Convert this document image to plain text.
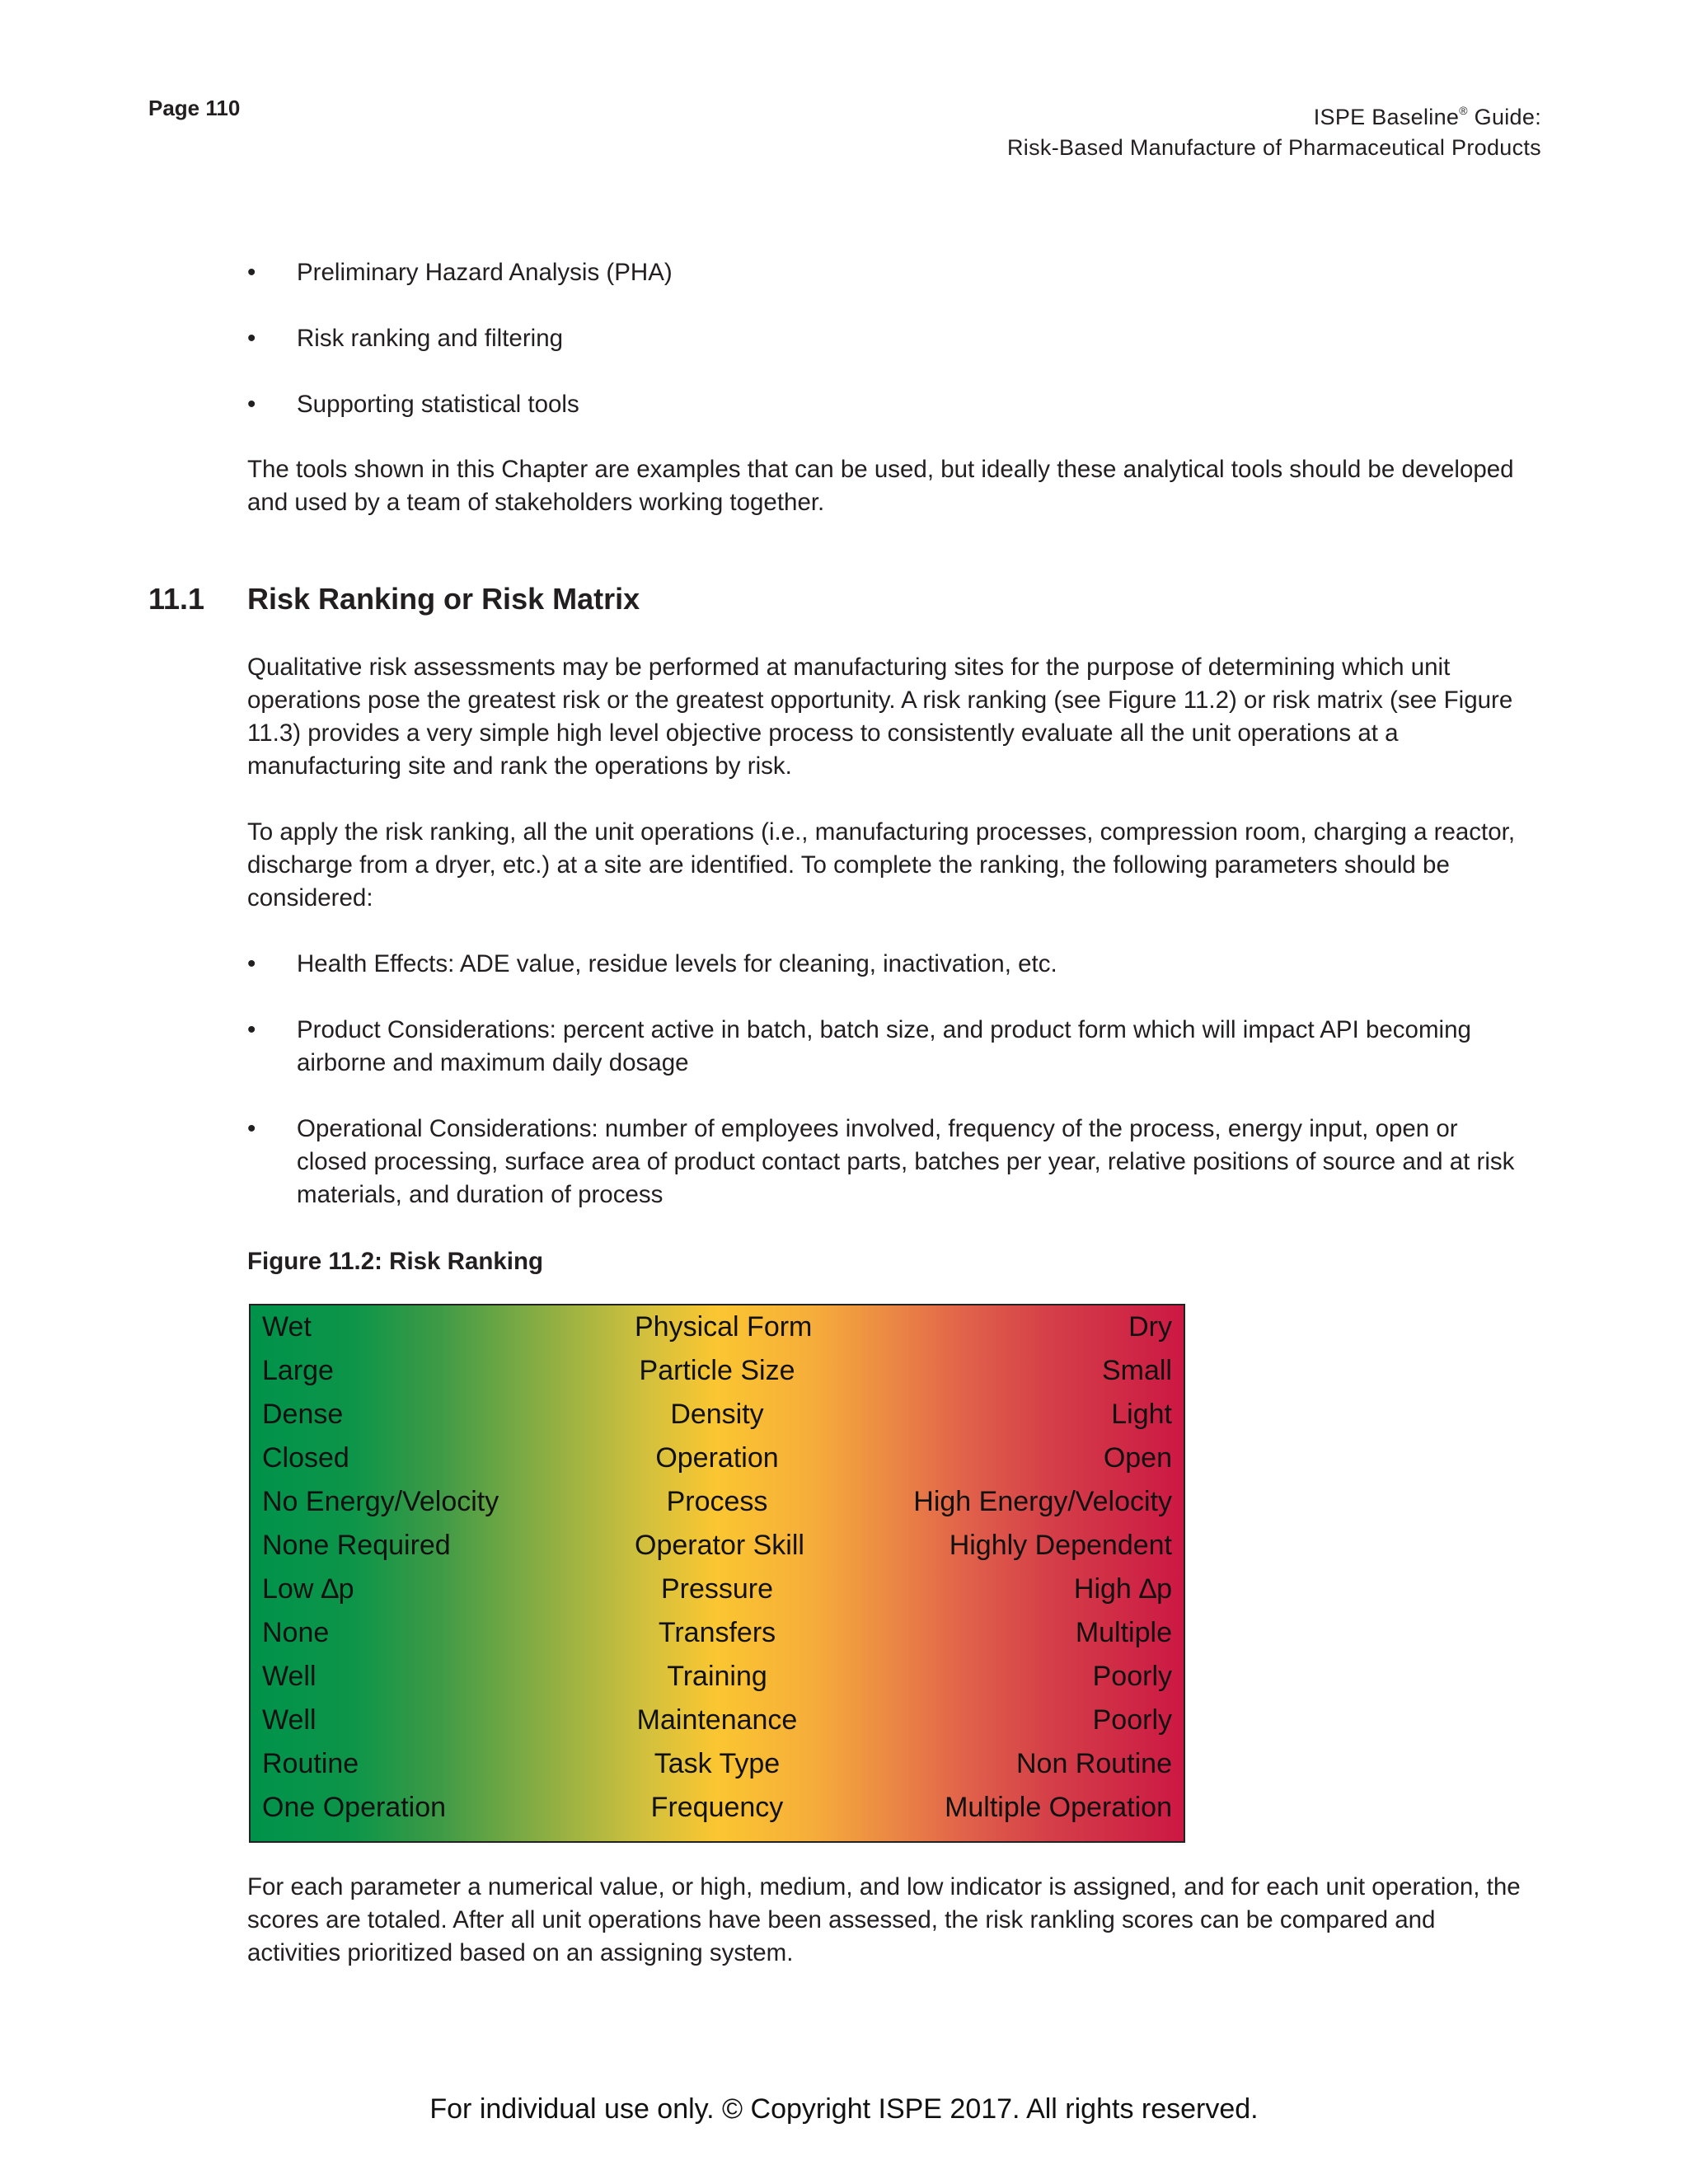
Page 110	ISPE Baseline® Guide:
Risk-Based Manufacture of Pharmaceutical Products
• Preliminary Hazard Analysis (PHA)
• Risk ranking and filtering
• Supporting statistical tools

The tools shown in this Chapter are examples that can be used, but ideally these analytical tools should be developed and used by a team of stakeholders working together.

11.1 Risk Ranking or Risk Matrix

Qualitative risk assessments may be performed at manufacturing sites for the purpose of determining which unit operations pose the greatest risk or the greatest opportunity. A risk ranking (see Figure 11.2) or risk matrix (see Figure 11.3) provides a very simple high level objective process to consistently evaluate all the unit operations at a manufacturing site and rank the operations by risk.

To apply the risk ranking, all the unit operations (i.e., manufacturing processes, compression room, charging a reactor, discharge from a dryer, etc.) at a site are identified. To complete the ranking, the following parameters should be considered:

• Health Effects: ADE value, residue levels for cleaning, inactivation, etc.
• Product Considerations: percent active in batch, batch size, and product form which will impact API becoming airborne and maximum daily dosage
• Operational Considerations: number of employees involved, frequency of the process, energy input, open or closed processing, surface area of product contact parts, batches per year, relative positions of source and at risk materials, and duration of process
Figure 11.2: Risk Ranking
Wet	Physical Form	Dry
Large	Particle Size	Small
Dense	Density	Light
Closed	Operation	Open
No Energy/Velocity	Process	High Energy/Velocity
None Required	Operator Skill	Highly Dependent
Low ∆p	Pressure	High ∆p
None	Transfers	Multiple
Well	Training	Poorly
Well	Maintenance	Poorly
Routine	Task Type	Non Routine
One Operation	Frequency	Multiple Operation

For each parameter a numerical value, or high, medium, and low indicator is assigned, and for each unit operation, the scores are totaled. After all unit operations have been assessed, the risk rankling scores can be compared and activities prioritized based on an assigning system.

For individual use only. © Copyright ISPE 2017. All rights reserved.
